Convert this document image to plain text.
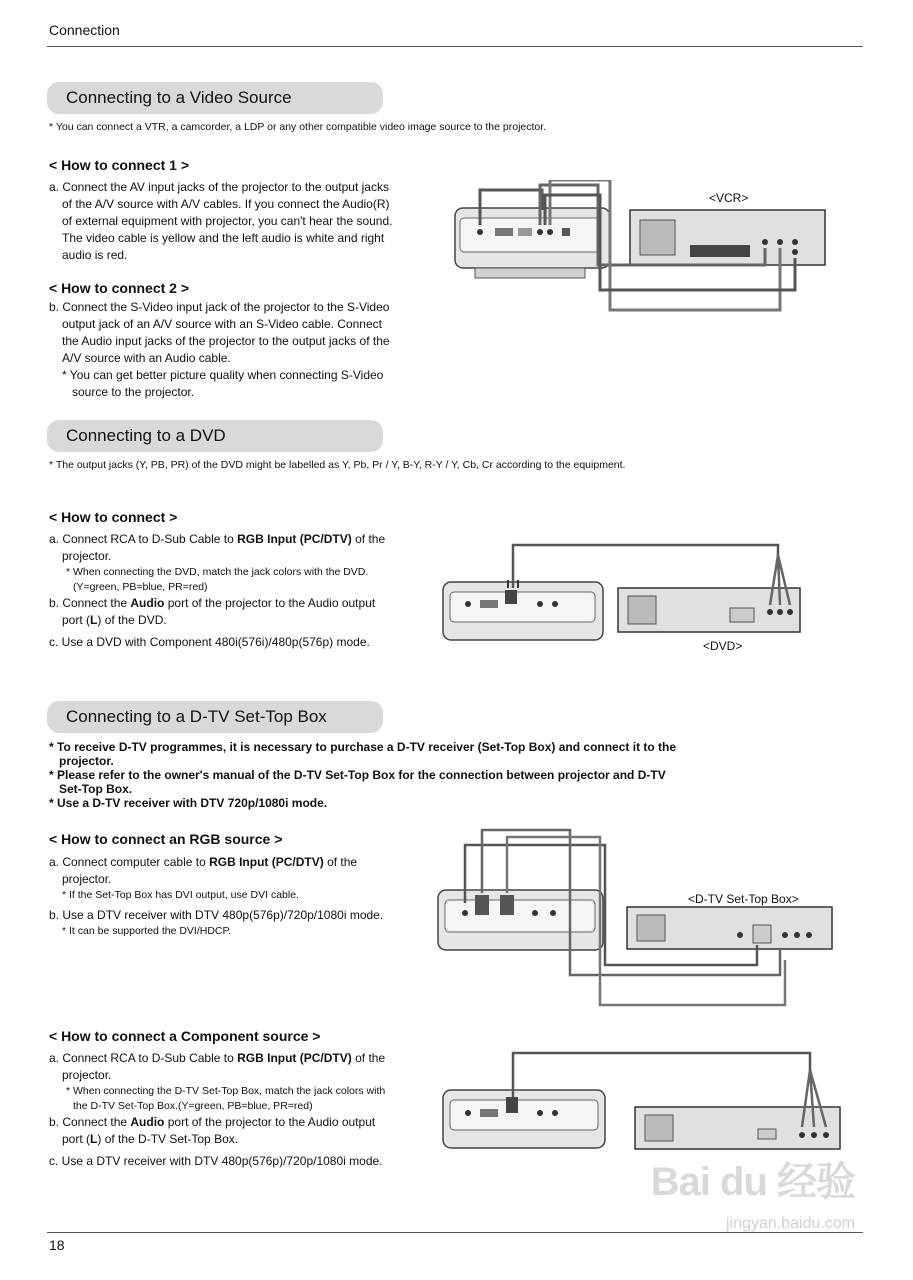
Connection
Connecting to a Video Source
* You can connect a VTR, a camcorder, a LDP or any other compatible video image source to the projector.
< How to connect 1 >
a. Connect the AV input jacks of the projector to the output jacks of the A/V source with A/V cables. If you connect the Audio(R) of external equipment with projector, you can't hear the sound. The video cable is yellow and the left audio is white and right audio is red.
< How to connect 2 >
b. Connect the S-Video input jack of the projector to the S-Video output jack of an A/V source with an S-Video cable. Connect the Audio input jacks of the projector to the output jacks of the A/V source with an Audio cable.
* You can get better picture quality when connecting S-Video source to the projector.
<VCR>
Connecting to a DVD
* The output jacks (Y, PB, PR) of the DVD might be labelled as Y, Pb, Pr / Y, B-Y, R-Y / Y, Cb, Cr according to the equipment.
< How to connect >
a. Connect RCA to D-Sub Cable to RGB Input (PC/DTV) of the projector.
* When connecting the DVD, match the jack colors with the DVD.(Y=green, PB=blue, PR=red)
b. Connect the Audio port of the projector to the Audio output port (L) of the DVD.
c. Use a DVD with Component 480i(576i)/480p(576p) mode.	<DVD>
Connecting to a D-TV Set-Top Box
* To receive D-TV programmes, it is necessary to purchase a D-TV receiver (Set-Top Box) and connect it to the projector.
* Please refer to the owner's manual of the D-TV Set-Top Box for the connection between projector and D-TV Set-Top Box.
* Use a D-TV receiver with DTV 720p/1080i mode.
< How to connect an RGB source >
a. Connect computer cable to RGB Input (PC/DTV) of the projector.
* If the Set-Top Box has DVI output, use DVI cable.
b. Use a DTV receiver with DTV 480p(576p)/720p/1080i mode.
* It can be supported the DVI/HDCP.
<D-TV Set-Top Box>
< How to connect a Component source >
a. Connect RCA to D-Sub Cable to RGB Input (PC/DTV) of the projector.
* When connecting the D-TV Set-Top Box, match the jack colors with the D-TV Set-Top Box.(Y=green, PB=blue, PR=red)
b. Connect the Audio port of the projector to the Audio output port (L) of the D-TV Set-Top Box.
c. Use a DTV receiver with DTV 480p(576p)/720p/1080i mode.
18
Bai du 经验
jingyan.baidu.com
